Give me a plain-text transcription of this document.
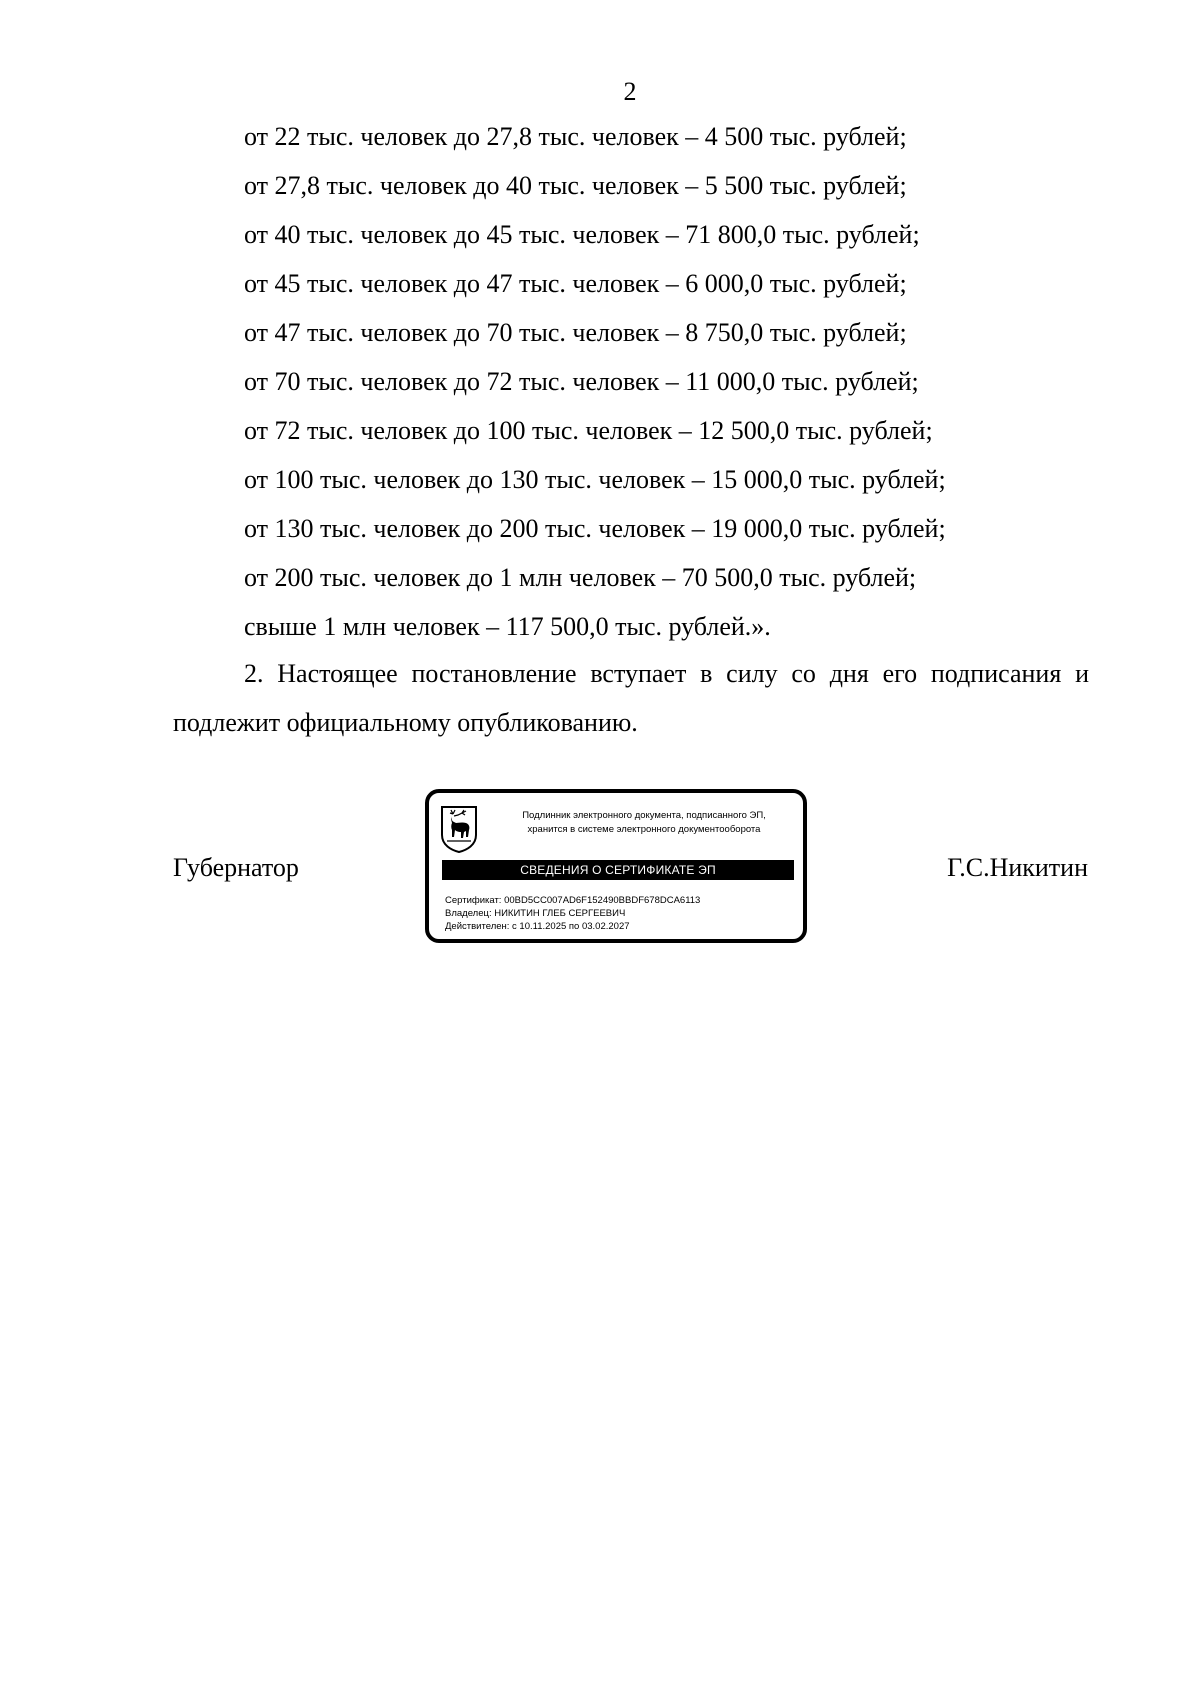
2
от 22 тыс. человек до 27,8 тыс. человек – 4 500 тыс. рублей;
от 27,8 тыс. человек до 40 тыс. человек – 5 500 тыс. рублей;
от 40 тыс. человек до 45 тыс. человек – 71 800,0 тыс. рублей;
от 45 тыс. человек до 47 тыс. человек – 6 000,0 тыс. рублей;
от 47 тыс. человек до 70 тыс. человек – 8 750,0 тыс. рублей;
от 70 тыс. человек до 72 тыс. человек – 11 000,0 тыс. рублей;
от 72 тыс. человек до 100 тыс. человек – 12 500,0 тыс. рублей;
от 100 тыс. человек до 130 тыс. человек – 15 000,0 тыс. рублей;
от 130 тыс. человек до 200 тыс. человек – 19 000,0 тыс. рублей;
от 200 тыс. человек до 1 млн человек – 70 500,0 тыс. рублей;
свыше 1 млн человек – 117 500,0 тыс. рублей.».

2. Настоящее постановление вступает в силу со дня его подписания и подлежит официальному опубликованию.

Губернатор	Г.С.Никитин
Подлинник электронного документа, подписанного ЭП,
хранится в системе электронного документооборота
СВЕДЕНИЯ О СЕРТИФИКАТЕ ЭП
Сертификат: 00BD5CC007AD6F152490BBDF678DCA6113
Владелец: НИКИТИН ГЛЕБ СЕРГЕЕВИЧ
Действителен: с 10.11.2025 по 03.02.2027
